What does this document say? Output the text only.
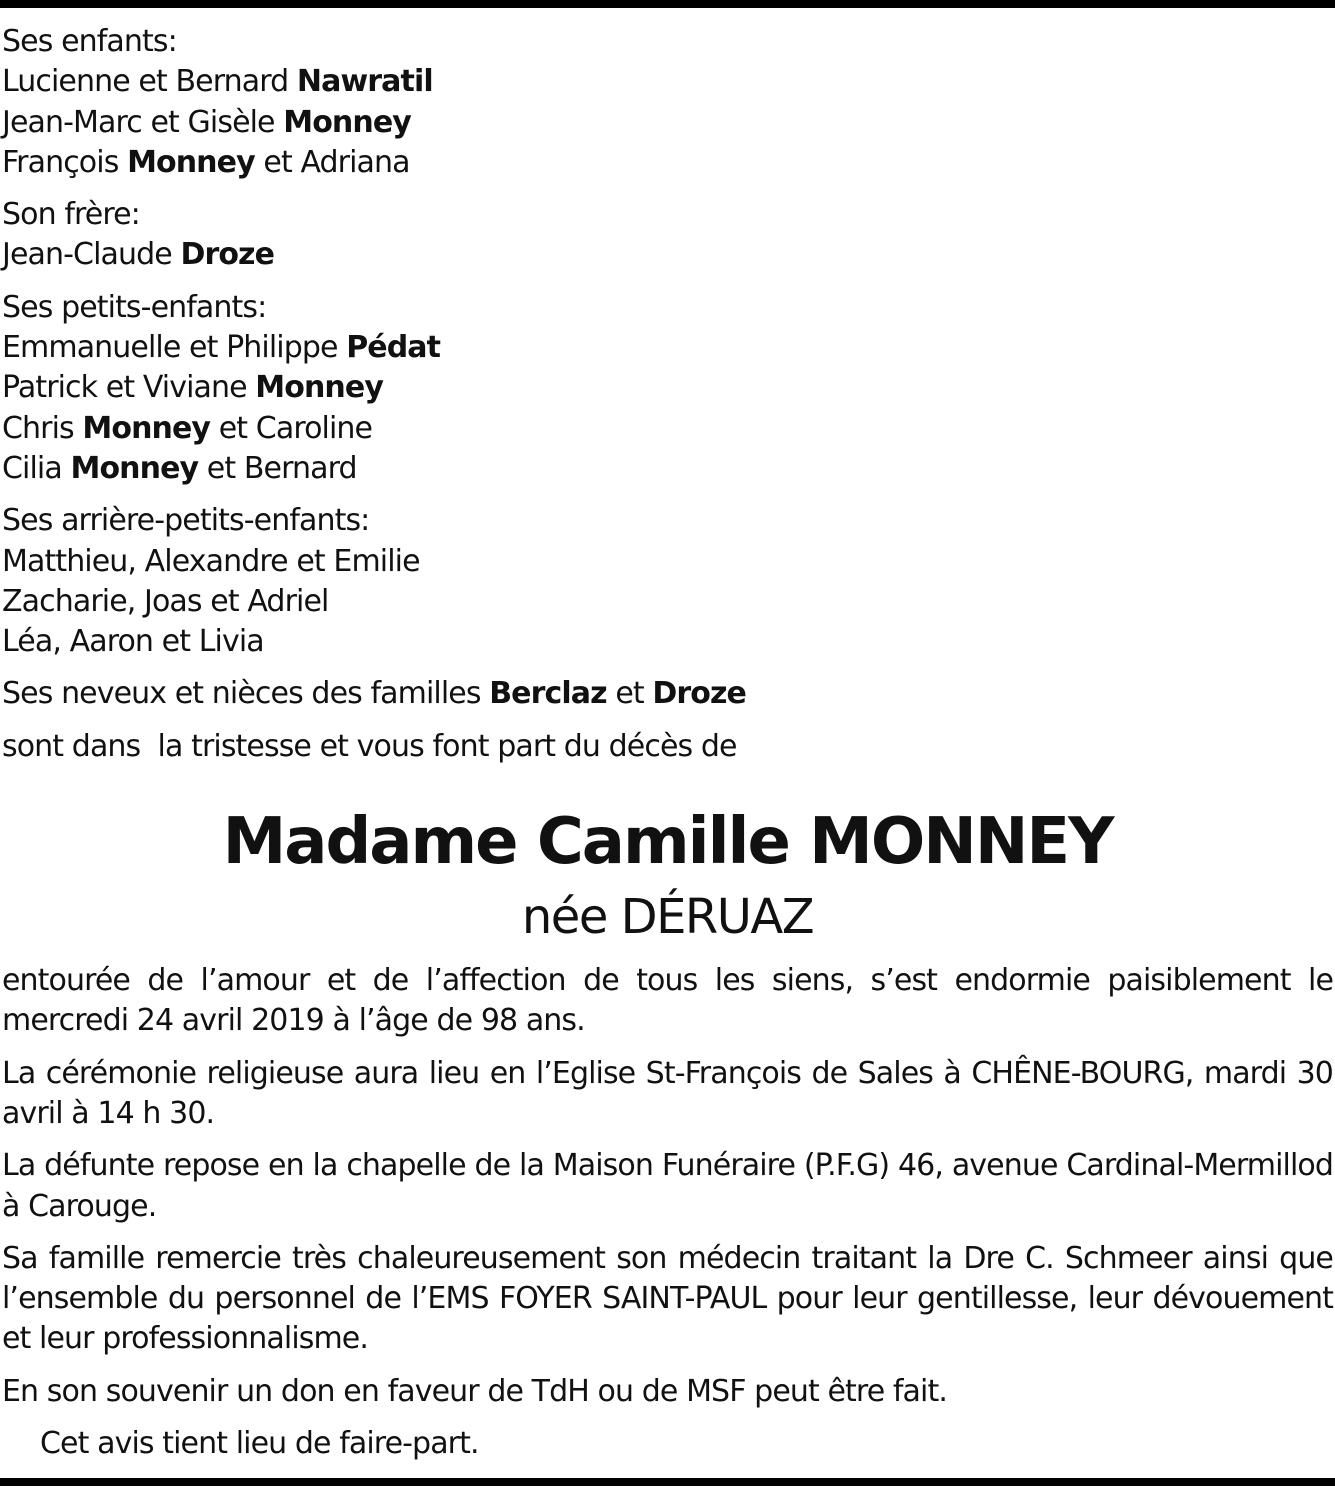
Ses enfants:
Lucienne et Bernard Nawratil
Jean-Marc et Gisèle Monney
François Monney et Adriana
Son frère:
Jean-Claude Droze
Ses petits-enfants:
Emmanuelle et Philippe Pédat
Patrick et Viviane Monney
Chris Monney et Caroline
Cilia Monney et Bernard
Ses arrière-petits-enfants:
Matthieu, Alexandre et Emilie
Zacharie, Joas et Adriel
Léa, Aaron et Livia
Ses neveux et nièces des familles Berclaz et Droze
sont dans  la tristesse et vous font part du décès de
Madame Camille MONNEY
née DÉRUAZ
entourée de l’amour et de l’affection de tous les siens, s’est endormie paisiblement le mercredi 24 avril 2019 à l’âge de 98 ans.
La cérémonie religieuse aura lieu en l’Eglise St-François de Sales à CHÊNE-BOURG, mardi 30 avril à 14 h 30.
La défunte repose en la chapelle de la Maison Funéraire (P.F.G) 46, avenue Cardinal-Mermillod à Carouge.
Sa famille remercie très chaleureusement son médecin traitant la Dre C. Schmeer ainsi que l’ensemble du personnel de l’EMS FOYER SAINT-PAUL pour leur gentillesse, leur dévouement et leur professionnalisme.
En son souvenir un don en faveur de TdH ou de MSF peut être fait.
Cet avis tient lieu de faire-part.
